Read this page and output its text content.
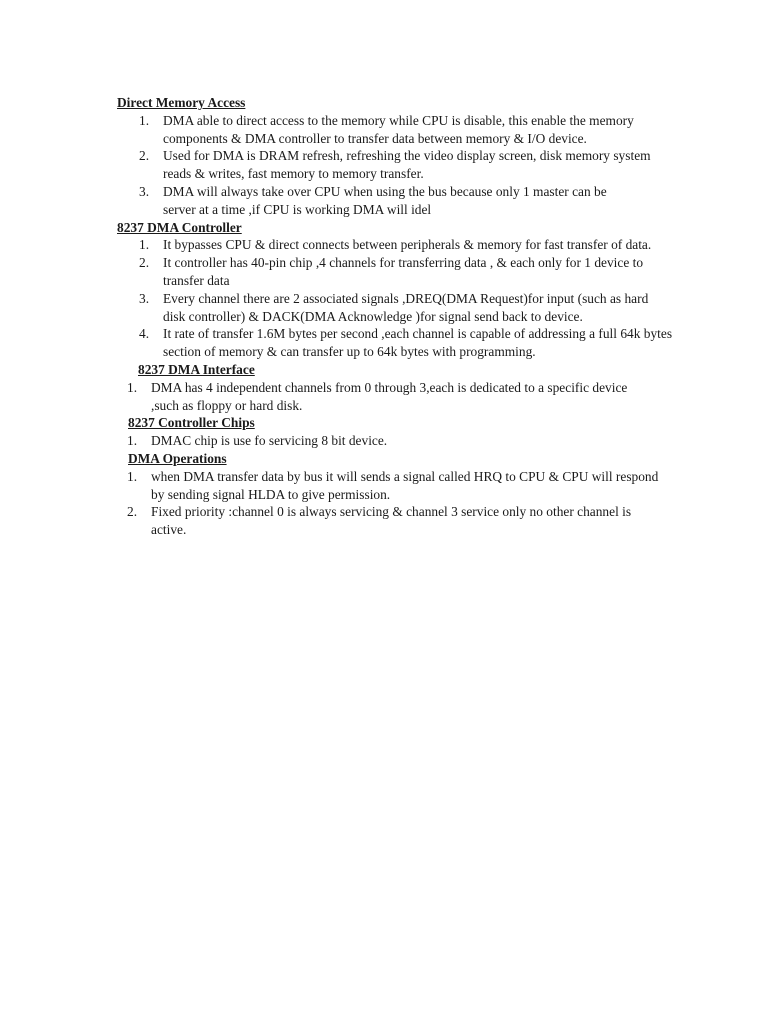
Direct Memory Access

1. DMA able to direct access to the memory while CPU is disable, this enable the memory components & DMA controller to transfer data between memory & I/O device.
2. Used for DMA is DRAM refresh, refreshing the video display screen, disk memory system reads & writes, fast memory to memory transfer.
3. DMA will always take over CPU when using the bus because only 1 master can be server at a time ,if CPU is working DMA will idel

8237 DMA Controller

1. It bypasses CPU & direct connects between peripherals & memory for fast transfer of data.
2. It controller has 40-pin chip ,4 channels for transferring data , & each only for 1 device to transfer data
3. Every channel there are 2 associated signals ,DREQ(DMA Request)for input (such as hard disk controller) & DACK(DMA Acknowledge )for signal send back to device.
4. It rate of transfer 1.6M bytes per second ,each channel is capable of addressing a full 64k bytes section of memory & can transfer up to 64k bytes with programming.

8237 DMA Interface

1. DMA has 4 independent channels from 0 through 3,each is dedicated to a specific device ,such as floppy or hard disk.

8237 Controller Chips

1. DMAC chip is use fo servicing 8 bit device.

DMA Operations

1. when DMA transfer data by bus it will sends a signal called HRQ to CPU & CPU will respond by sending signal HLDA to give permission.
2. Fixed priority :channel 0 is always servicing & channel 3 service only no other channel is active.
